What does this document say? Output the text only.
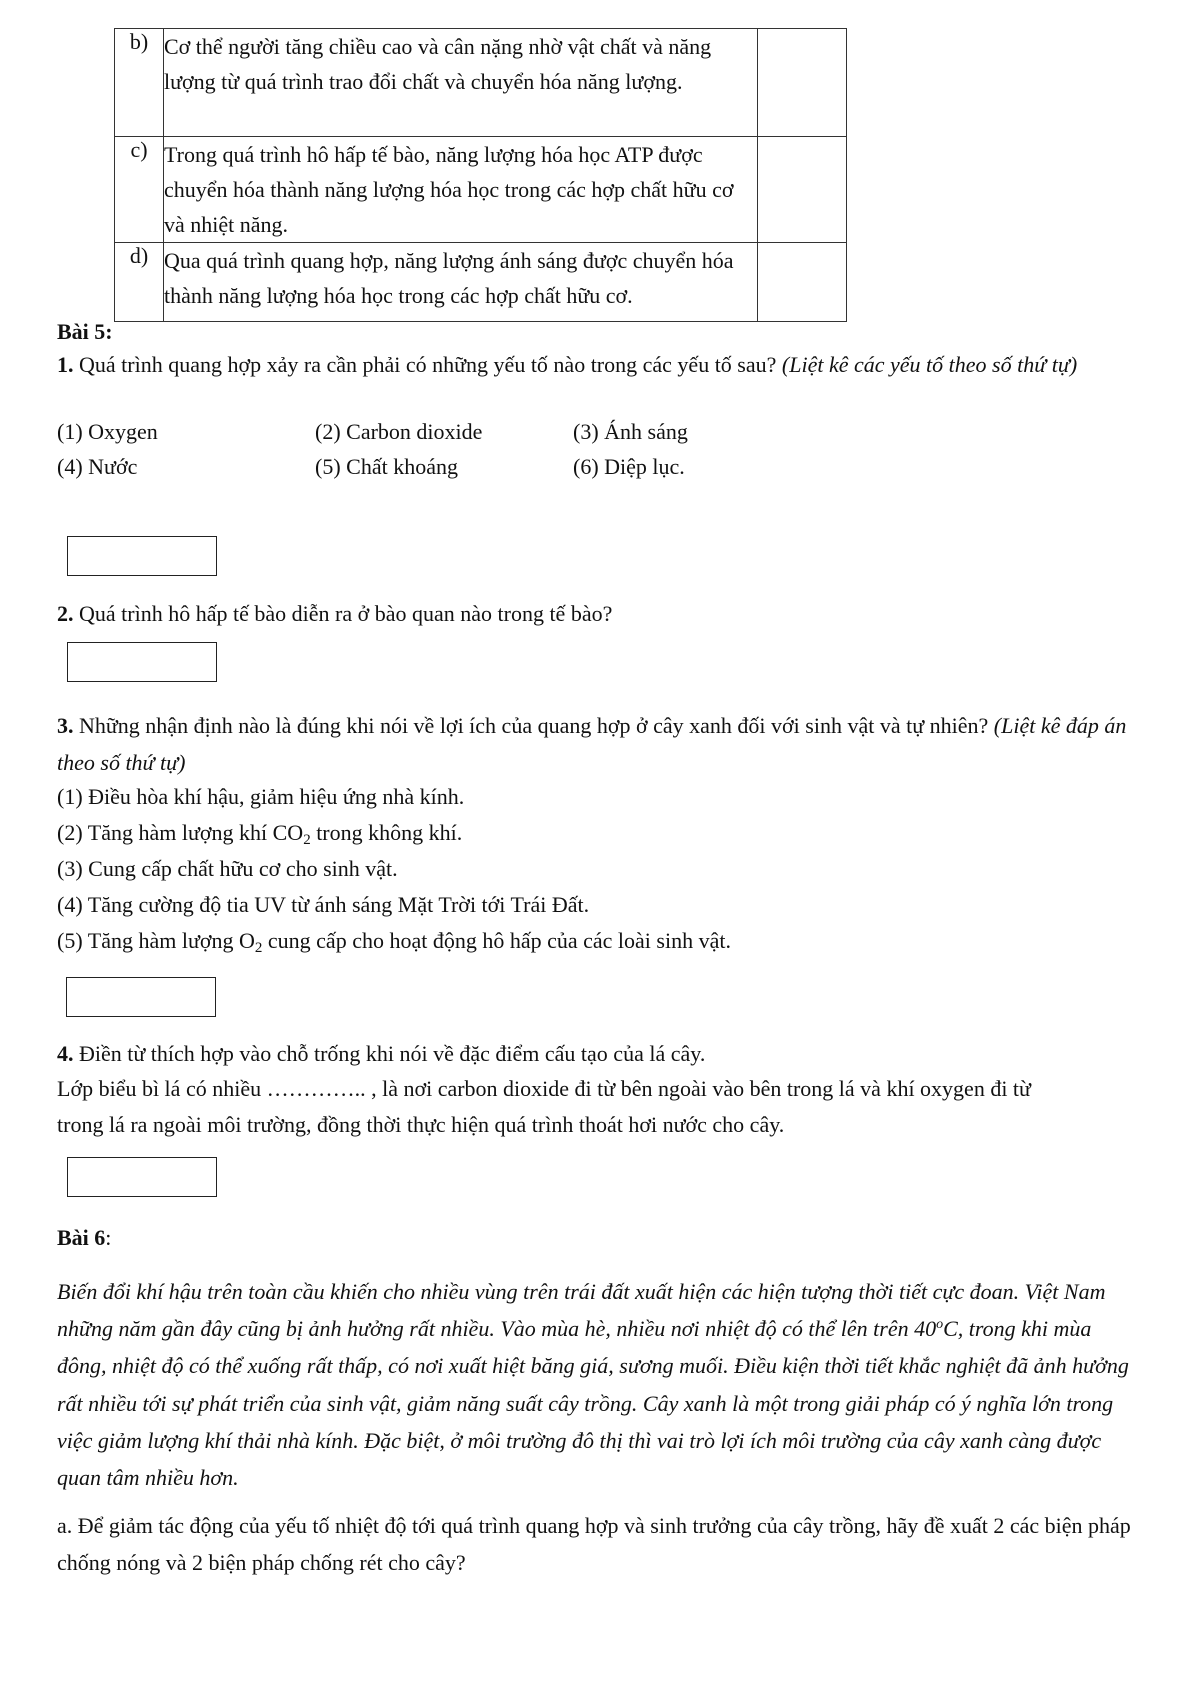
b)	Cơ thể người tăng chiều cao và cân nặng nhờ vật chất và năng lượng từ quá trình trao đổi chất và chuyển hóa năng lượng.	
c)	Trong quá trình hô hấp tế bào, năng lượng hóa học ATP được chuyển hóa thành năng lượng hóa học trong các hợp chất hữu cơ và nhiệt năng.	
d)	Qua quá trình quang hợp, năng lượng ánh sáng được chuyển hóa thành năng lượng hóa học trong các hợp chất hữu cơ.	
Bài 5:
1. Quá trình quang hợp xảy ra cần phải có những yếu tố nào trong các yếu tố sau? (Liệt kê các yếu tố theo số thứ tự)
(1) Oxygen	(2) Carbon dioxide	(3) Ánh sáng
(4) Nước	(5) Chất khoáng	(6) Diệp lục.
2. Quá trình hô hấp tế bào diễn ra ở bào quan nào trong tế bào?
3. Những nhận định nào là đúng khi nói về lợi ích của quang hợp ở cây xanh đối với sinh vật và tự nhiên? (Liệt kê đáp án theo số thứ tự)
(1) Điều hòa khí hậu, giảm hiệu ứng nhà kính.
(2) Tăng hàm lượng khí $CO_2$ trong không khí.
(3) Cung cấp chất hữu cơ cho sinh vật.
(4) Tăng cường độ tia UV từ ánh sáng Mặt Trời tới Trái Đất.
(5) Tăng hàm lượng $O_2$ cung cấp cho hoạt động hô hấp của các loài sinh vật.
4. Điền từ thích hợp vào chỗ trống khi nói về đặc điểm cấu tạo của lá cây.
Lớp biểu bì lá có nhiều ………….. , là nơi carbon dioxide đi từ bên ngoài vào bên trong lá và khí oxygen đi từ
trong lá ra ngoài môi trường, đồng thời thực hiện quá trình thoát hơi nước cho cây.
Bài 6:
Biến đổi khí hậu trên toàn cầu khiến cho nhiều vùng trên trái đất xuất hiện các hiện tượng thời tiết cực đoan. Việt Nam những năm gần đây cũng bị ảnh hưởng rất nhiều. Vào mùa hè, nhiều nơi nhiệt độ có thể lên trên 40$^o$C, trong khi mùa đông, nhiệt độ có thể xuống rất thấp, có nơi xuất hiệt băng giá, sương muối. Điều kiện thời tiết khắc nghiệt đã ảnh hưởng rất nhiều tới sự phát triển của sinh vật, giảm năng suất cây trồng. Cây xanh là một trong giải pháp có ý nghĩa lớn trong việc giảm lượng khí thải nhà kính. Đặc biệt, ở môi trường đô thị thì vai trò lợi ích môi trường của cây xanh càng được quan tâm nhiều hơn.
a. Để giảm tác động của yếu tố nhiệt độ tới quá trình quang hợp và sinh trưởng của cây trồng, hãy đề xuất 2 các biện pháp chống nóng và 2 biện pháp chống rét cho cây?
